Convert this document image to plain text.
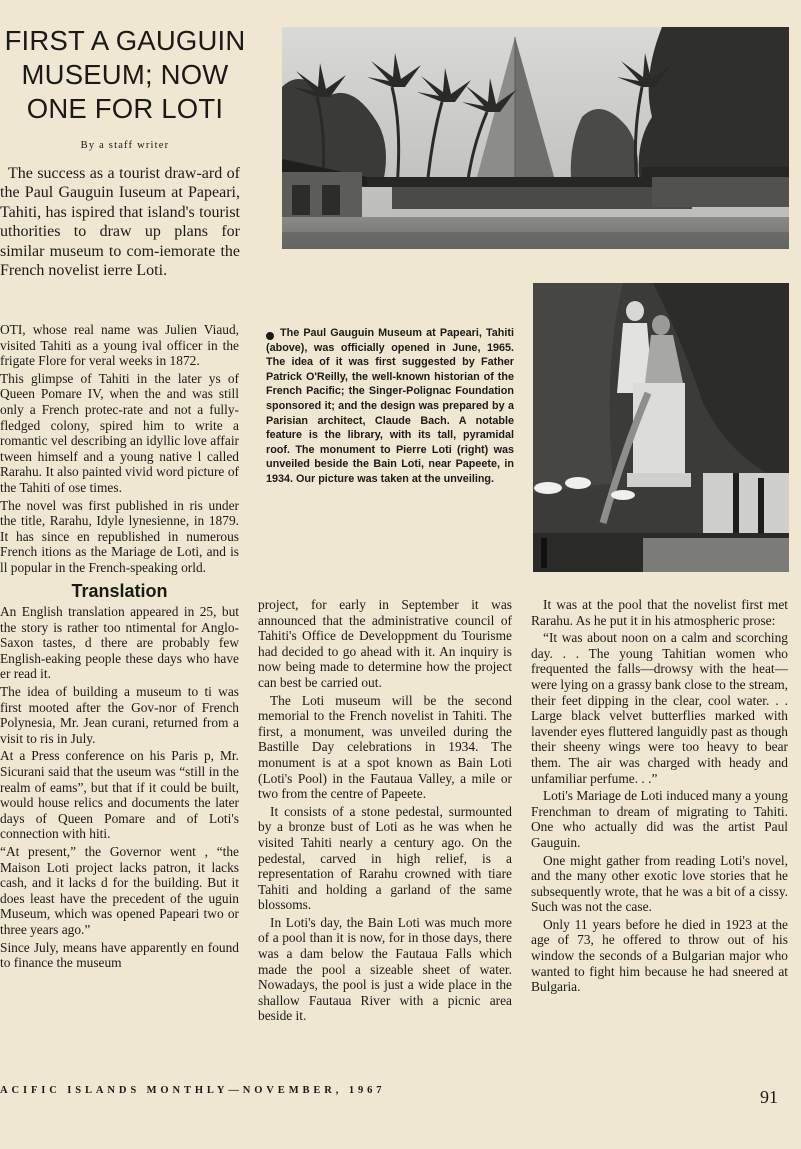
FIRST A GAUGUIN MUSEUM; NOW ONE FOR LOTI
By a staff writer

The success as a tourist draw-ard of the Paul Gauguin Iuseum at Papeari, Tahiti, has ispired that island's tourist uthorities to draw up plans for similar museum to com-iemorate the French novelist ierre Loti.

The Paul Gauguin Museum at Papeari, Tahiti (above), was officially opened in June, 1965. The idea of it was first suggested by Father Patrick O'Reilly, the well-known historian of the French Pacific; the Singer-Polignac Foundation sponsored it; and the design was prepared by a Parisian architect, Claude Bach. A notable feature is the library, with its tall, pyramidal roof. The monument to Pierre Loti (right) was unveiled beside the Bain Loti, near Papeete, in 1934. Our picture was taken at the unveiling.

OTI, whose real name was Julien Viaud, visited Tahiti as a young ival officer in the frigate Flore for veral weeks in 1872.

This glimpse of Tahiti in the later ys of Queen Pomare IV, when the and was still only a French protec-rate and not a fully-fledged colony, spired him to write a romantic vel describing an idyllic love affair tween himself and a young native l called Rarahu. It also painted vivid word picture of the Tahiti of ose times.

The novel was first published in ris under the title, Rarahu, Idyle lynesienne, in 1879. It has since en republished in numerous French itions as the Mariage de Loti, and is ll popular in the French-speaking orld.

Translation

An English translation appeared in 25, but the story is rather too ntimental for Anglo-Saxon tastes, d there are probably few English-eaking people these days who have er read it.

The idea of building a museum to ti was first mooted after the Gov-nor of French Polynesia, Mr. Jean curani, returned from a visit to ris in July.

At a Press conference on his Paris p, Mr. Sicurani said that the useum was “still in the realm of eams”, but that if it could be built, would house relics and documents the later days of Queen Pomare and of Loti's connection with hiti.

“At present,” the Governor went , “the Maison Loti project lacks patron, it lacks cash, and it lacks d for the building. But it does least have the precedent of the uguin Museum, which was opened Papeari two or three years ago.”

Since July, means have apparently en found to finance the museum

project, for early in September it was announced that the administrative council of Tahiti's Office de Developpment du Tourisme had decided to go ahead with it. An inquiry is now being made to determine how the project can best be carried out.

The Loti museum will be the second memorial to the French novelist in Tahiti. The first, a monument, was unveiled during the Bastille Day celebrations in 1934. The monument is at a spot known as Bain Loti (Loti's Pool) in the Fautaua Valley, a mile or two from the centre of Papeete.

It consists of a stone pedestal, surmounted by a bronze bust of Loti as he was when he visited Tahiti nearly a century ago. On the pedestal, carved in high relief, is a representation of Rarahu crowned with tiare Tahiti and holding a garland of the same blossoms.

In Loti's day, the Bain Loti was much more of a pool than it is now, for in those days, there was a dam below the Fautaua Falls which made the pool a sizeable sheet of water. Nowadays, the pool is just a wide place in the shallow Fautaua River with a picnic area beside it.

It was at the pool that the novelist first met Rarahu. As he put it in his atmospheric prose:

“It was about noon on a calm and scorching day. . . The young Tahitian women who frequented the falls—drowsy with the heat—were lying on a grassy bank close to the stream, their feet dipping in the clear, cool water. . . Large black velvet butterflies marked with lavender eyes fluttered languidly past as though their sheeny wings were too heavy to bear them. The air was charged with heady and unfamiliar perfume. . .”

Loti's Mariage de Loti induced many a young Frenchman to dream of migrating to Tahiti. One who actually did was the artist Paul Gauguin.

One might gather from reading Loti's novel, and the many other exotic love stories that he subsequently wrote, that he was a bit of a cissy. Such was not the case.

Only 11 years before he died in 1923 at the age of 73, he offered to throw out of his window the seconds of a Bulgarian major who wanted to fight him because he had sneered at Bulgaria.

ACIFIC ISLANDS MONTHLY—NOVEMBER, 1967	91
